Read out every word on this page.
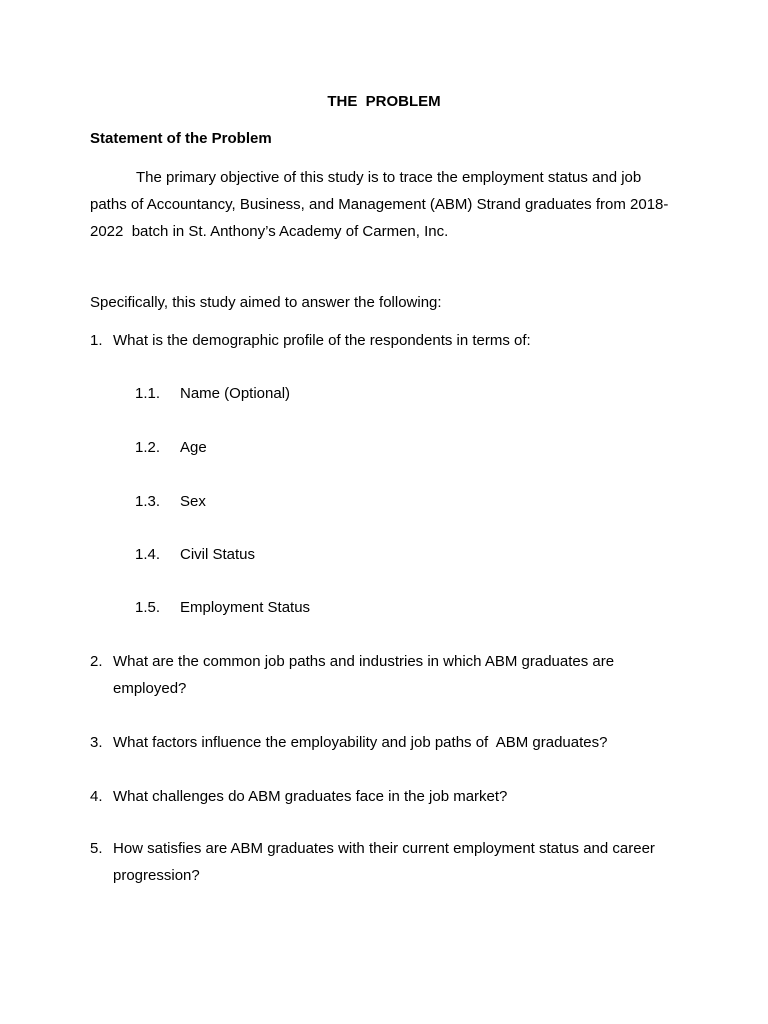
THE  PROBLEM
Statement of the Problem
The primary objective of this study is to trace the employment status and job paths of Accountancy, Business, and Management (ABM) Strand graduates from 2018-2022  batch in St. Anthony’s Academy of Carmen, Inc.
Specifically, this study aimed to answer the following:
1. What is the demographic profile of the respondents in terms of:
1.1. Name (Optional)
1.2. Age
1.3. Sex
1.4. Civil Status
1.5. Employment Status
2. What are the common job paths and industries in which ABM graduates are employed?
3. What factors influence the employability and job paths of  ABM graduates?
4. What challenges do ABM graduates face in the job market?
5. How satisfies are ABM graduates with their current employment status and career progression?
